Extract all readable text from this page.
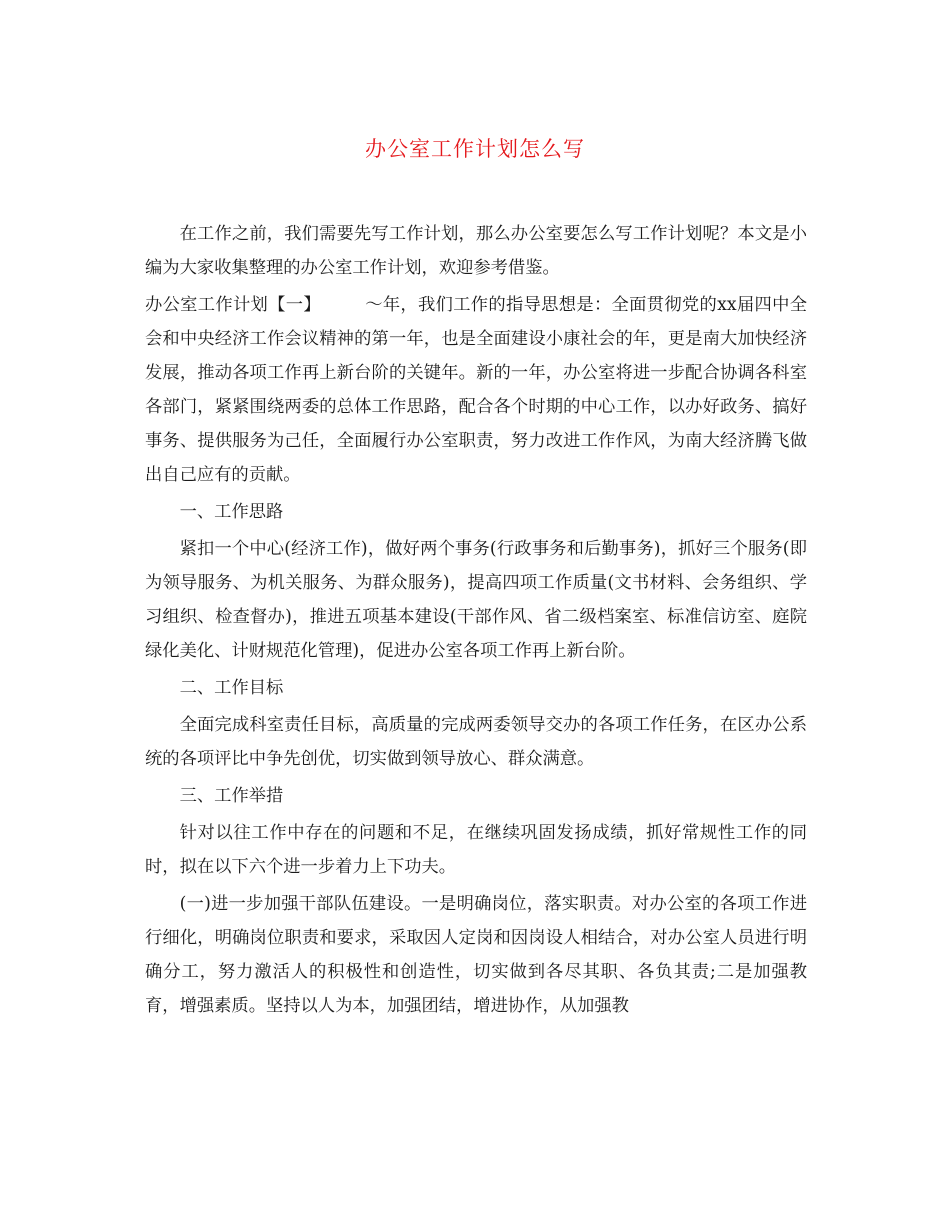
办公室工作计划怎么写

在工作之前，我们需要先写工作计划，那么办公室要怎么写工作计划呢？本文是小编为大家收集整理的办公室工作计划，欢迎参考借鉴。

办公室工作计划【一】	～年，我们工作的指导思想是：全面贯彻党的xx届四中全会和中央经济工作会议精神的第一年，也是全面建设小康社会的年，更是南大加快经济发展，推动各项工作再上新台阶的关键年。新的一年，办公室将进一步配合协调各科室各部门，紧紧围绕两委的总体工作思路，配合各个时期的中心工作，以办好政务、搞好事务、提供服务为己任，全面履行办公室职责，努力改进工作作风，为南大经济腾飞做出自己应有的贡献。

一、工作思路

紧扣一个中心(经济工作)，做好两个事务(行政事务和后勤事务)，抓好三个服务(即为领导服务、为机关服务、为群众服务)，提高四项工作质量(文书材料、会务组织、学习组织、检查督办)，推进五项基本建设(干部作风、省二级档案室、标准信访室、庭院绿化美化、计财规范化管理)，促进办公室各项工作再上新台阶。

二、工作目标

全面完成科室责任目标，高质量的完成两委领导交办的各项工作任务，在区办公系统的各项评比中争先创优，切实做到领导放心、群众满意。

三、工作举措

针对以往工作中存在的问题和不足，在继续巩固发扬成绩，抓好常规性工作的同时，拟在以下六个进一步着力上下功夫。

(一)进一步加强干部队伍建设。一是明确岗位，落实职责。对办公室的各项工作进行细化，明确岗位职责和要求，采取因人定岗和因岗设人相结合，对办公室人员进行明确分工，努力激活人的积极性和创造性，切实做到各尽其职、各负其责;二是加强教育，增强素质。坚持以人为本，加强团结，增进协作，从加强教
